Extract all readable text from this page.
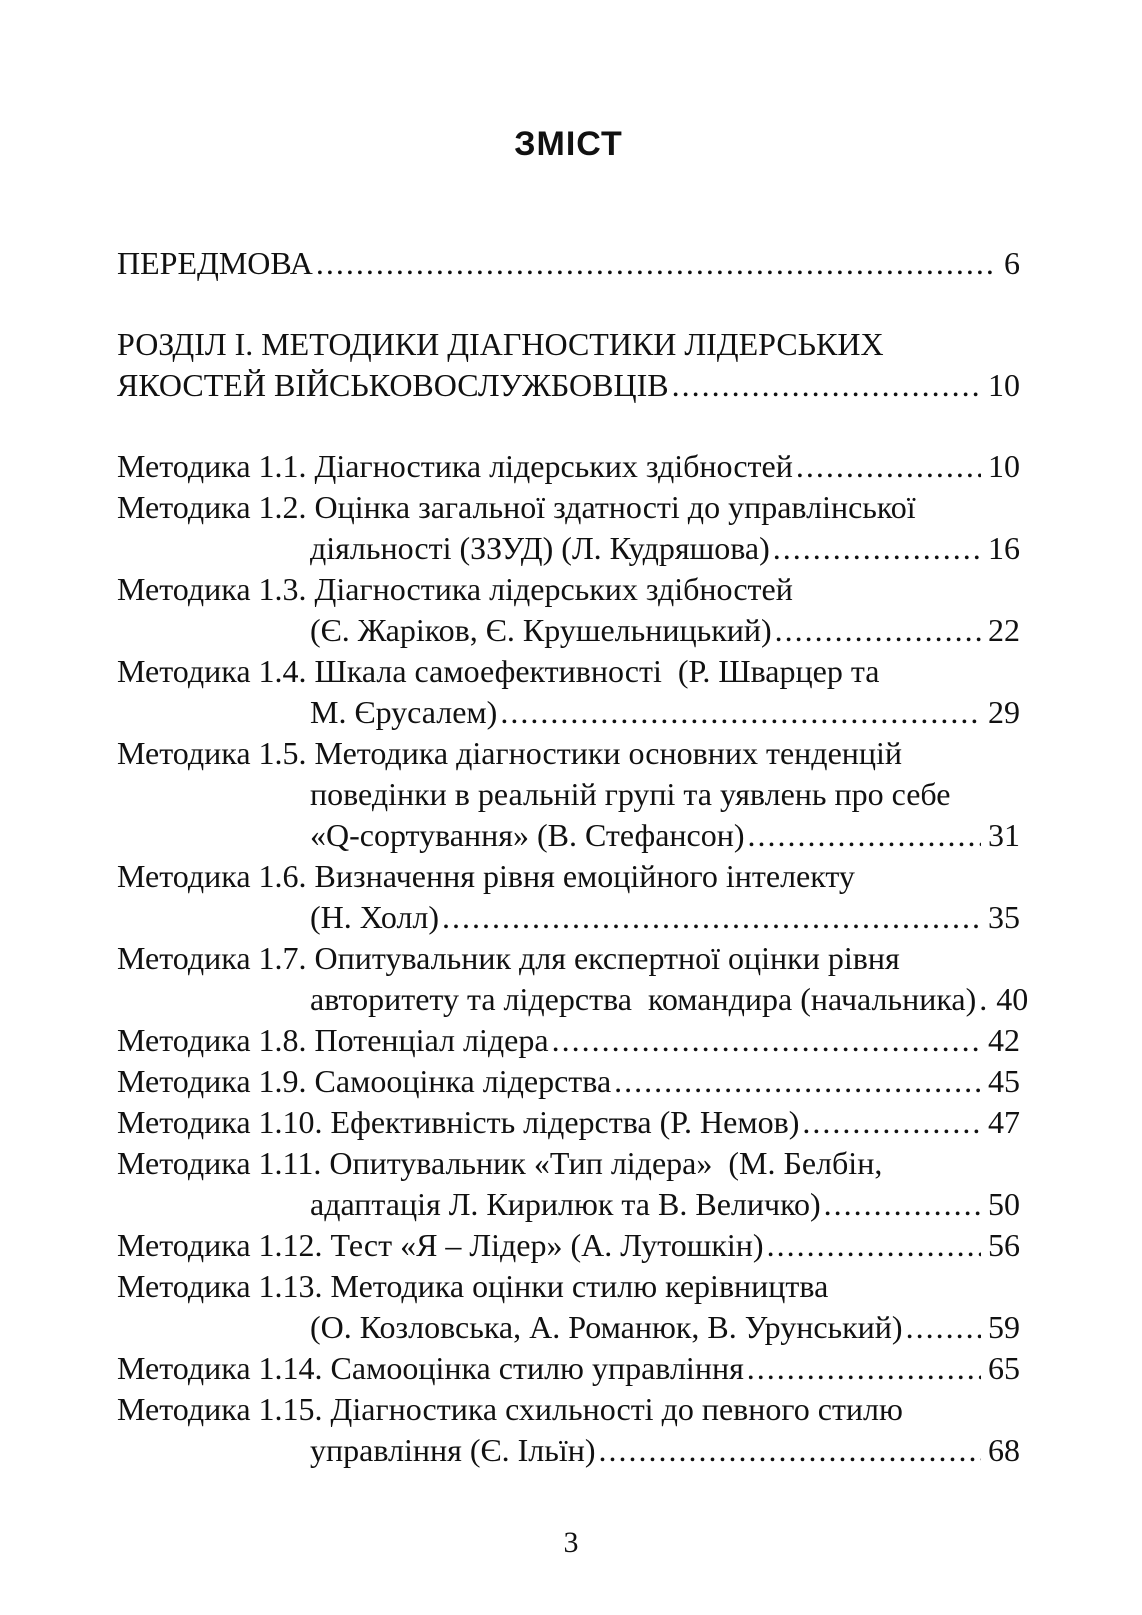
ЗМІСТ
ПЕРЕДМОВА .....	6
РОЗДІЛ І. МЕТОДИКИ ДІАГНОСТИКИ ЛІДЕРСЬКИХ
ЯКОСТЕЙ ВІЙСЬКОВОСЛУЖБОВЦІВ .....	10
Методика 1.1. Діагностика лідерських здібностей .....	10
Методика 1.2. Оцінка загальної здатності до управлінської
діяльності (ЗЗУД) (Л. Кудряшова) .....	16
Методика 1.3. Діагностика лідерських здібностей
(Є. Жаріков, Є. Крушельницький) .....	22
Методика 1.4. Шкала самоефективності  (Р. Шварцер та
М. Єрусалем) .....	29
Методика 1.5. Методика діагностики основних тенденцій
поведінки в реальній групі та уявлень про себе
«Q-сортування» (В. Стефансон) .....	31
Методика 1.6. Визначення рівня емоційного інтелекту
(Н. Холл) .....	35
Методика 1.7. Опитувальник для експертної оцінки рівня
авторитету та лідерства  командира (начальника) ..... 40
Методика 1.8. Потенціал лідера .....	42
Методика 1.9. Самооцінка лідерства .....	45
Методика 1.10. Ефективність лідерства (Р. Немов) .....	47
Методика 1.11. Опитувальник «Тип лідера»  (М. Белбін,
адаптація Л. Кирилюк та В. Величко) .....	50
Методика 1.12. Тест «Я – Лідер» (А. Лутошкін) .....	56
Методика 1.13. Методика оцінки стилю керівництва
(О. Козловська, А. Романюк, В. Урунський) .....	59
Методика 1.14. Самооцінка стилю управління .....	65
Методика 1.15. Діагностика схильності до певного стилю
управління (Є. Ільїн) .....	68
3
